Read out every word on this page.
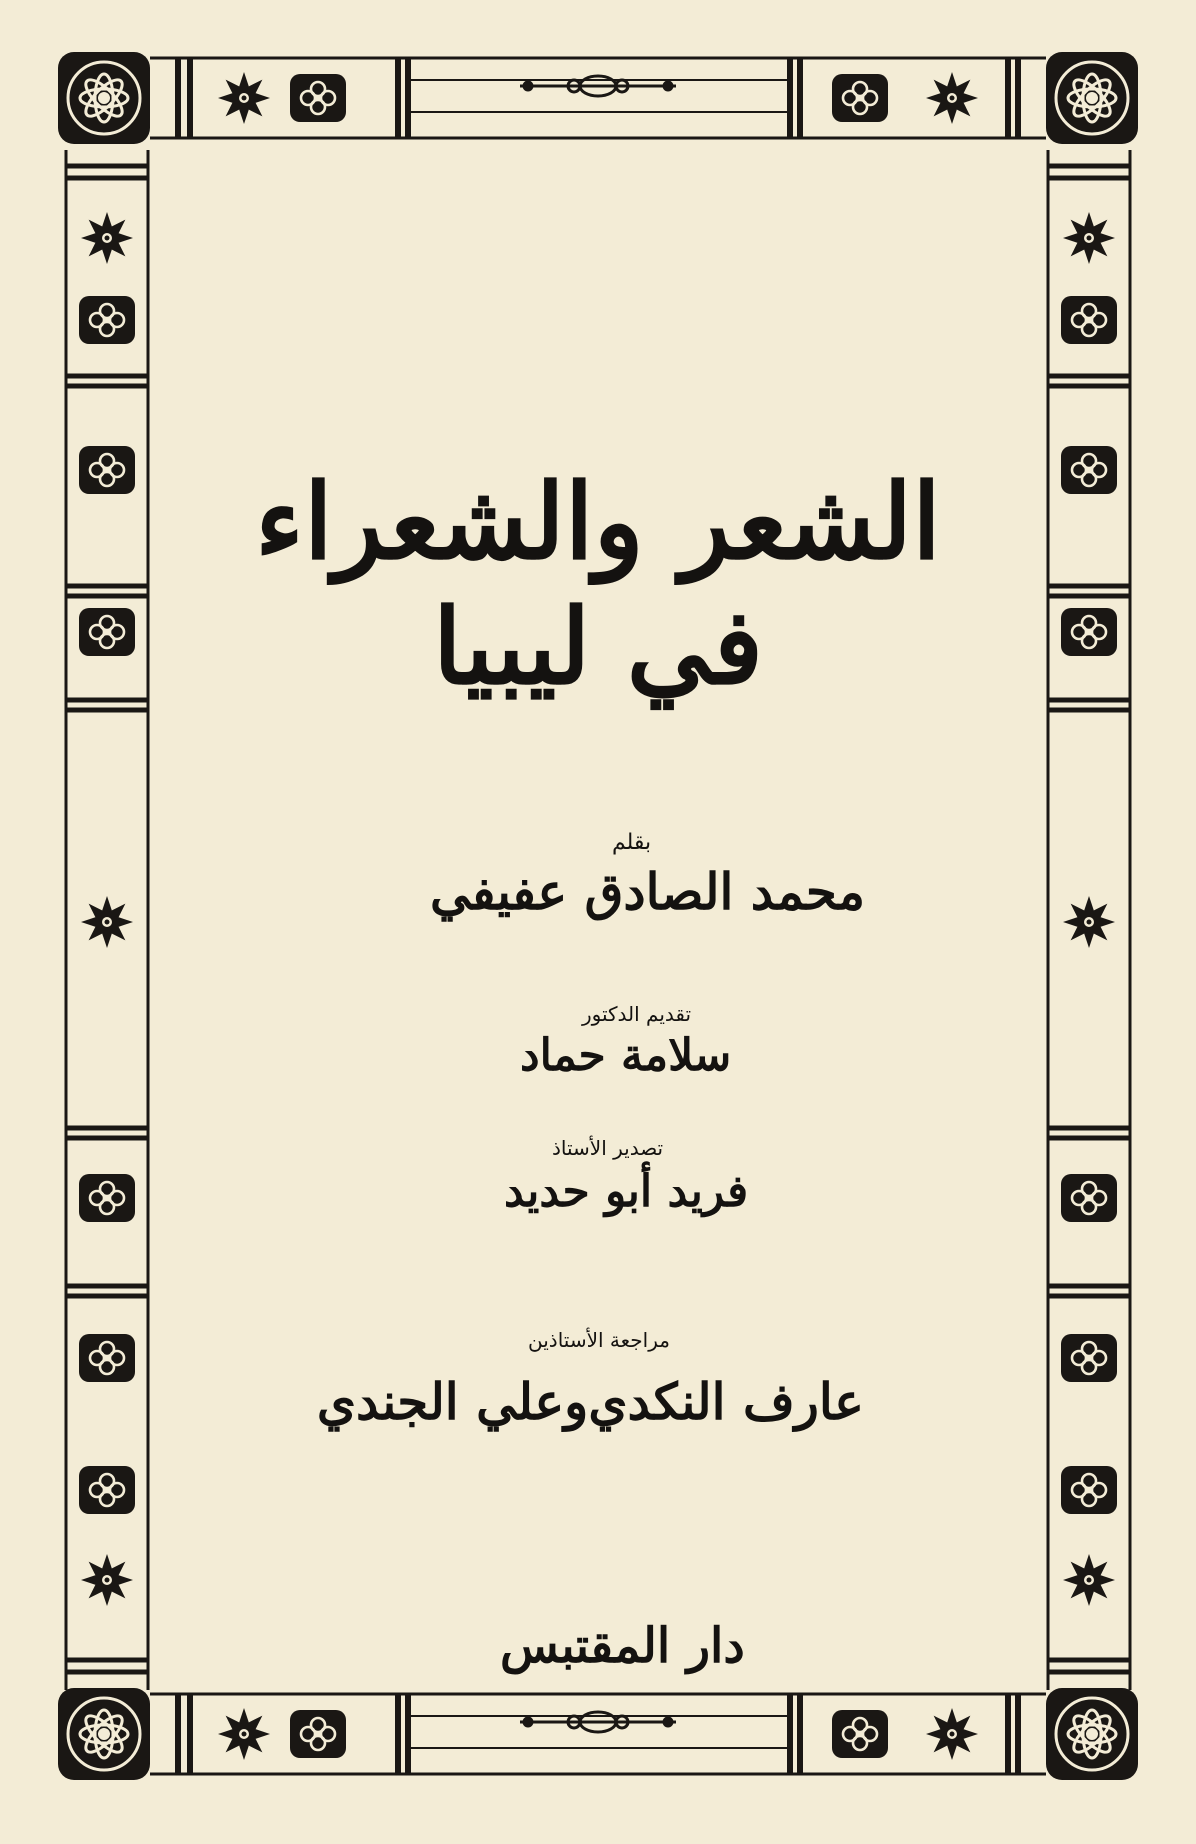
الشعر والشعراء في ليبيا
بقلم
محمد الصادق عفيفي
تقديم الدكتور
سلامة حماد
تصدير الأستاذ
فريد أبو حديد
مراجعة الأستاذين
عارف النكدي
و
علي الجندي
دار المقتبس
